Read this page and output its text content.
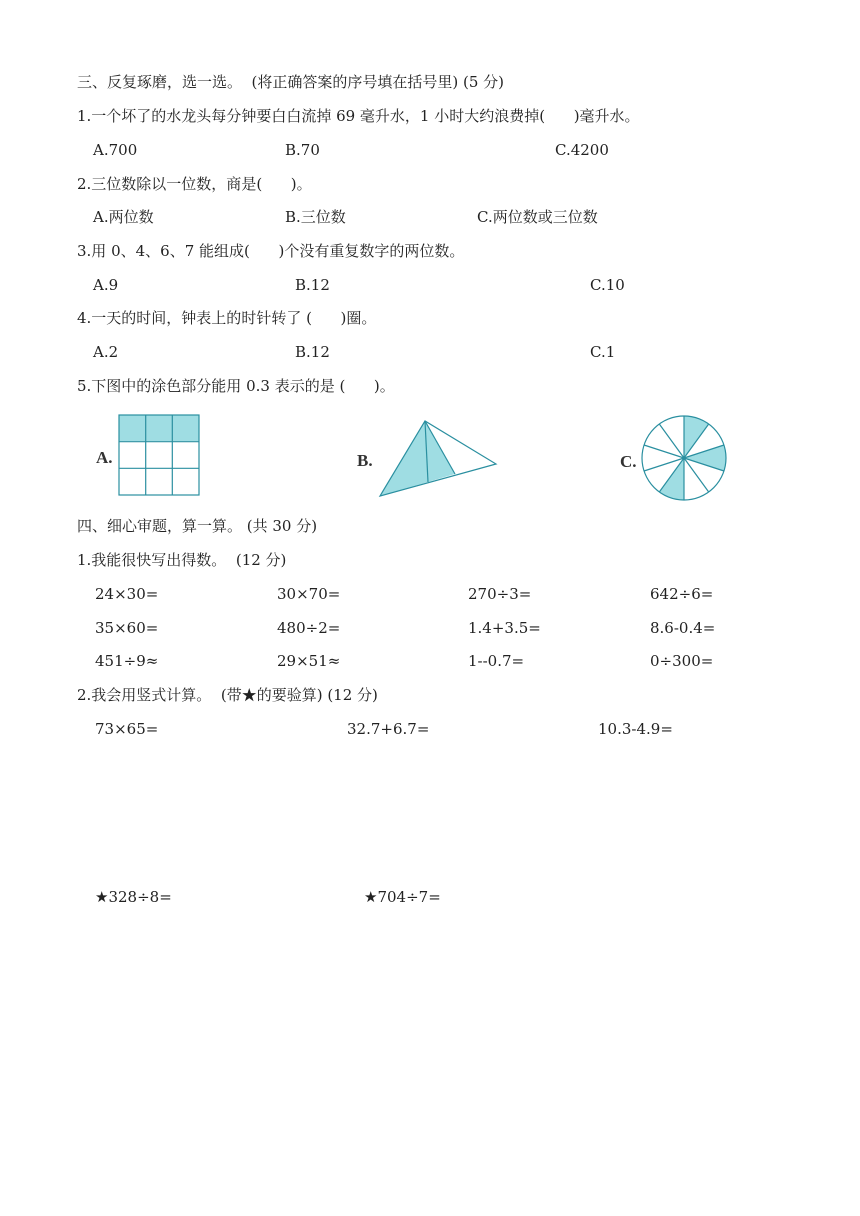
三、反复琢磨，选一选。  (将正确答案的序号填在括号里) (5 分)
1.一个坏了的水龙头每分钟要白白流掉 69 毫升水，1 小时大约浪费掉(      )毫升水。
A.700	B.70	C.4200
2.三位数除以一位数，商是(      )。
A.两位数	B.三位数	C.两位数或三位数
3.用 0、4、6、7 能组成(      )个没有重复数字的两位数。
A.9	B.12	C.10
4.一天的时间，钟表上的时针转了 (      )圈。
A.2	B.12	C.1
5.下图中的涂色部分能用 0.3 表示的是 (      )。
A.	B.	C.
四、细心审题，算一算。 (共 30 分)
1.我能很快写出得数。  (12 分)
24×30=	30×70=	270÷3=	642÷6=
35×60=	480÷2=	1.4+3.5=	8.6-0.4=
451÷9≈	29×51≈	1--0.7=	0÷300=
2.我会用竖式计算。  (带★的要验算) (12 分)
73×65=	32.7+6.7=	10.3-4.9=
★328÷8=	★704÷7=
